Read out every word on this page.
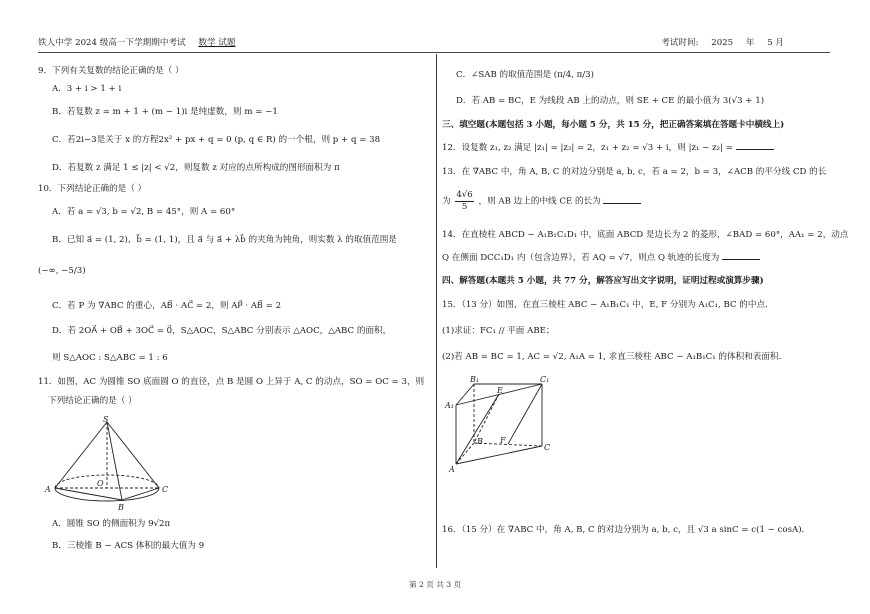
铁人中学 2024 级高一下学期期中考试 数学 试题	考试时间: 2025 年 5 月
9．下列有关复数的结论正确的是（ ）
A．3 + i > 1 + i
B．若复数 z = m + 1 + (m − 1)i 是纯虚数，则 m = −1
C．若2i−3是关于 x 的方程2x² + px + q = 0 (p, q ∈ R) 的一个根，则 p + q = 38
D．若复数 z 满足 1 ≤ |z| < √2，则复数 z 对应的点所构成的图形面积为 π
10．下列结论正确的是（ ）
A．若 a = √3, b = √2, B = 45°，则 A = 60°
B．已知 a⃗ = (1, 2)，b⃗ = (1, 1)，且 a⃗ 与 a⃗ + λb⃗ 的夹角为钝角，则实数 λ 的取值范围是
(−∞, −5/3)
C．若 P 为 ∇ABC 的重心，AB⃗ · AC⃗ = 2，则 AP⃗ · AB⃗ = 2
D．若 2OA⃗ + OB⃗ + 3OC⃗ = 0⃗，S△AOC，S△ABC 分别表示 △AOC，△ABC 的面积，
则 S△AOC : S△ABC = 1 : 6
11．如图，AC 为圆锥 SO 底面圆 O 的直径，点 B 是圆 O 上异于 A, C 的动点，SO = OC = 3，则
下列结论正确的是（ ）
A．圆锥 SO 的侧面积为 9√2π
B．三棱锥 B − ACS 体积的最大值为 9
S
A
O
C
B
C．∠SAB 的取值范围是 (π/4, π/3)
D．若 AB = BC，E 为线段 AB 上的动点，则 SE + CE 的最小值为 3(√3 + 1)
三、填空题(本题包括 3 小题，每小题 5 分，共 15 分，把正确答案填在答题卡中横线上)
12．设复数 z₁, z₂ 满足 |z₁| = |z₂| = 2，z₁ + z₂ = √3 + i，则 |z₁ − z₂| =
13．在 ∇ABC 中，角 A, B, C 的对边分别是 a, b, c，若 a = 2，b = 3，∠ACB 的平分线 CD 的长
为 $\frac{4√6}{5}$ ，则 AB 边上的中线 CE 的长为
14．在直棱柱 ABCD − A₁B₁C₁D₁ 中，底面 ABCD 是边长为 2 的菱形，∠BAD = 60°，AA₁ = 2，动点
Q 在侧面 DCC₁D₁ 内（包含边界），若 AQ = √7，则点 Q 轨迹的长度为
四、解答题(本题共 5 小题，共 77 分，解答应写出文字说明，证明过程或演算步骤)
15．（13 分）如图，在直三棱柱 ABC − A₁B₁C₁ 中，E, F 分别为 A₁C₁, BC 的中点．
(1)求证：FC₁ // 平面 ABE；
(2)若 AB = BC = 1, AC = √2, A₁A = 1, 求直三棱柱 ABC − A₁B₁C₁ 的体积和表面积．
16．（15 分）在 ∇ABC 中，角 A, B, C 的对边分别为 a, b, c，且 √3 a sinC = c(1 − cosA)．
B₁	C₁
A₁
E
B F
C
A
第 2 页 共 3 页
